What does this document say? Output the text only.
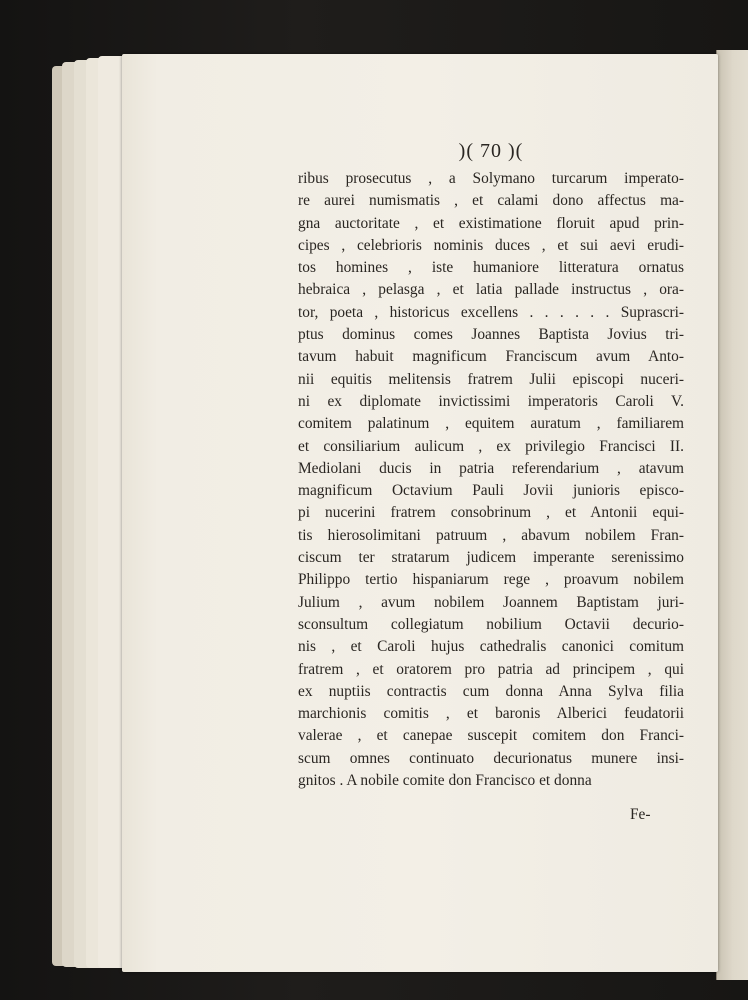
)( 70 )(
ribus prosecutus , a Solymano turcarum imperato-
re aurei numismatis , et calami dono affectus ma-
gna auctoritate , et existimatione floruit apud prin-
cipes , celebrioris nominis duces , et sui aevi erudi-
tos homines , iste humaniore litteratura ornatus
hebraica , pelasga , et latia pallade instructus , ora-
tor, poeta , historicus excellens . . . . . . Suprascri-
ptus dominus comes Joannes Baptista Jovius tri-
tavum habuit magnificum Franciscum avum Anto-
nii equitis melitensis fratrem Julii episcopi nuceri-
ni ex diplomate invictissimi imperatoris Caroli V.
comitem palatinum , equitem auratum , familiarem
et consiliarium aulicum , ex privilegio Francisci II.
Mediolani ducis in patria referendarium , atavum
magnificum Octavium Pauli Jovii junioris episco-
pi nucerini fratrem consobrinum , et Antonii equi-
tis hierosolimitani patruum , abavum nobilem Fran-
ciscum ter stratarum judicem imperante serenissimo
Philippo tertio hispaniarum rege , proavum nobilem
Julium , avum nobilem Joannem Baptistam juri-
sconsultum collegiatum nobilium Octavii decurio-
nis , et Caroli hujus cathedralis canonici comitum
fratrem , et oratorem pro patria ad principem , qui
ex nuptiis contractis cum donna Anna Sylva filia
marchionis comitis , et baronis Alberici feudatorii
valerae , et canepae suscepit comitem don Franci-
scum omnes continuato decurionatus munere insi-
gnitos . A nobile comite don Francisco et donna
Fe-
